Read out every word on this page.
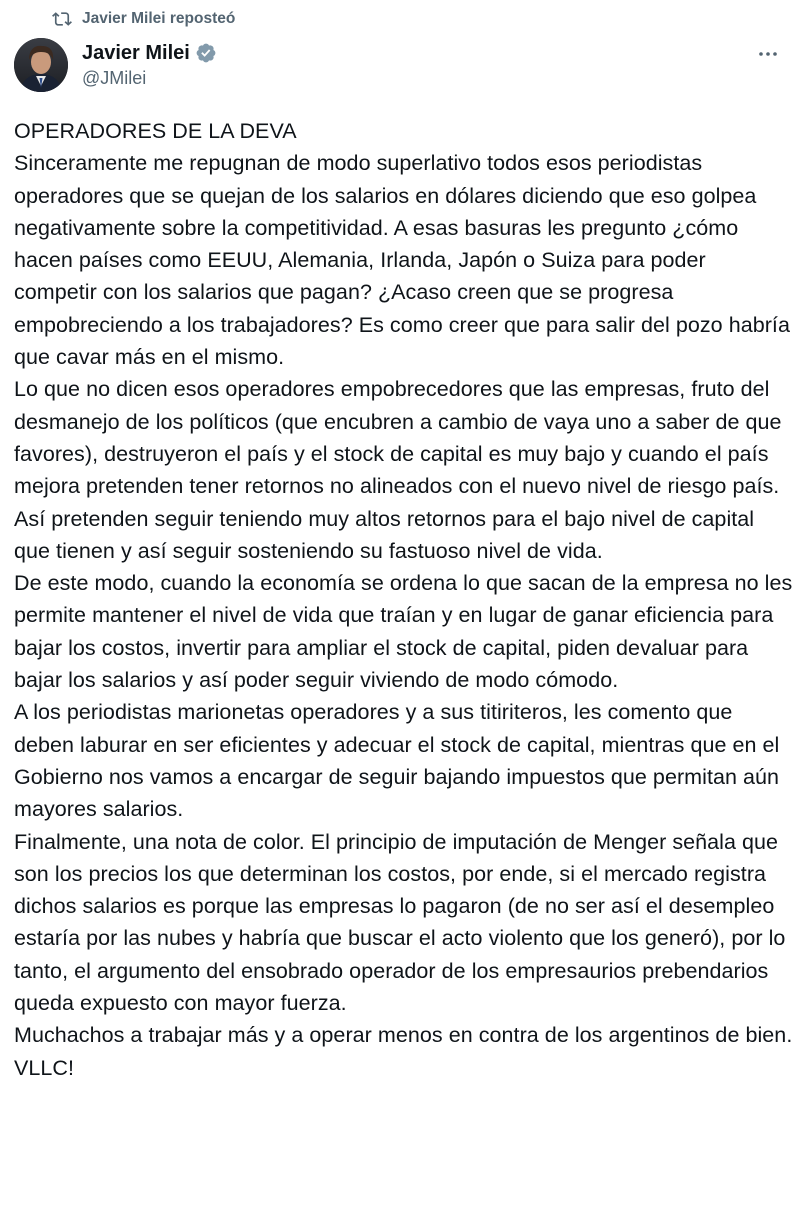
Javier Milei reposteó
Javier Milei
@JMilei

OPERADORES DE LA DEVA

Sinceramente me repugnan de modo superlativo todos esos periodistas operadores que se quejan de los salarios en dólares diciendo que eso golpea negativamente sobre la competitividad. A esas basuras les pregunto ¿cómo hacen países como EEUU, Alemania, Irlanda, Japón o Suiza para poder competir con los salarios que pagan? ¿Acaso creen que se progresa empobreciendo a los trabajadores? Es como creer que para salir del pozo habría que cavar más en el mismo.

Lo que no dicen esos operadores empobrecedores que las empresas, fruto del desmanejo de los políticos (que encubren a cambio de vaya uno a saber de que favores), destruyeron el país y el stock de capital es muy bajo y cuando el país mejora pretenden tener retornos no alineados con el nuevo nivel de riesgo país. Así pretenden seguir teniendo muy altos retornos para el bajo nivel de capital que tienen y así seguir sosteniendo su fastuoso nivel de vida.

De este modo, cuando la economía se ordena lo que sacan de la empresa no les permite mantener el nivel de vida que traían y en lugar de ganar eficiencia para bajar los costos, invertir para ampliar el stock de capital, piden devaluar para bajar los salarios y así poder seguir viviendo de modo cómodo.

A los periodistas marionetas operadores y a sus titiriteros, les comento que deben laburar en ser eficientes y adecuar el stock de capital, mientras que en el Gobierno nos vamos a encargar de seguir bajando impuestos que permitan aún mayores salarios.

Finalmente, una nota de color. El principio de imputación de Menger señala que son los precios los que determinan los costos, por ende, si el mercado registra dichos salarios es porque las empresas lo pagaron (de no ser así el desempleo estaría por las nubes y habría que buscar el acto violento que los generó), por lo tanto, el argumento del ensobrado operador de los empresaurios prebendarios queda expuesto con mayor fuerza.

Muchachos a trabajar más y a operar menos en contra de los argentinos de bien.

VLLC!
